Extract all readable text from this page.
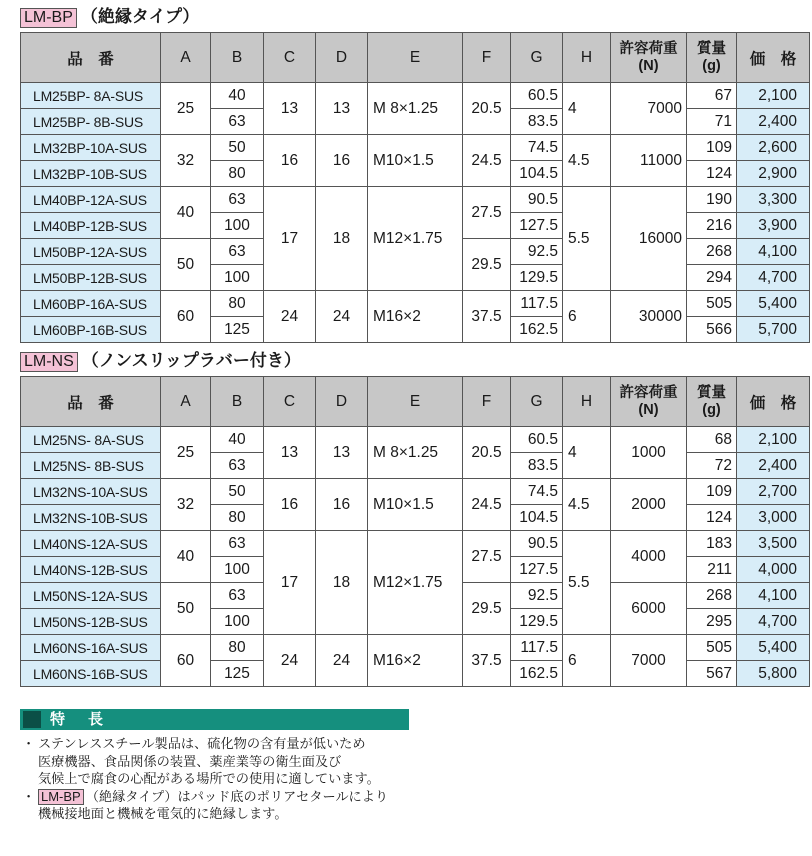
LM-BP （絶縁タイプ）
品　番	A	B	C	D	E	F	G	H	許容荷重
(N)	質量
(g)	価　格
LM25BP- 8A-SUS	25	40	13	13	M 8×1.25	20.5	60.5	4	7000	67	2,100
LM25BP- 8B-SUS		63					83.5			71	2,400
LM32BP-10A-SUS	32	50	16	16	M10×1.5	24.5	74.5	4.5	11000	109	2,600
LM32BP-10B-SUS		80					104.5			124	2,900
LM40BP-12A-SUS	40	63	17	18	M12×1.75	27.5	90.5	5.5	16000	190	3,300
LM40BP-12B-SUS		100					127.5			216	3,900
LM50BP-12A-SUS	50	63				29.5	92.5			268	4,100
LM50BP-12B-SUS		100					129.5			294	4,700
LM60BP-16A-SUS	60	80	24	24	M16×2	37.5	117.5	6	30000	505	5,400
LM60BP-16B-SUS		125					162.5			566	5,700
LM-NS （ノンスリップラバー付き）
品　番	A	B	C	D	E	F	G	H	許容荷重
(N)	質量
(g)	価　格
LM25NS- 8A-SUS	25	40	13	13	M 8×1.25	20.5	60.5	4	1000	68	2,100
LM25NS- 8B-SUS		63					83.5			72	2,400
LM32NS-10A-SUS	32	50	16	16	M10×1.5	24.5	74.5	4.5	2000	109	2,700
LM32NS-10B-SUS		80					104.5			124	3,000
LM40NS-12A-SUS	40	63	17	18	M12×1.75	27.5	90.5	5.5	4000	183	3,500
LM40NS-12B-SUS		100					127.5			211	4,000
LM50NS-12A-SUS	50	63				29.5	92.5		6000	268	4,100
LM50NS-12B-SUS		100					129.5			295	4,700
LM60NS-16A-SUS	60	80	24	24	M16×2	37.5	117.5	6	7000	505	5,400
LM60NS-16B-SUS		125					162.5			567	5,800
特　長
・ ステンレススチール製品は、硫化物の含有量が低いため
医療機器、食品関係の装置、薬産業等の衛生面及び
気候上で腐食の心配がある場所での使用に適しています。
・ LM-BP （絶縁タイプ）はパッド底のポリアセタールにより
機械接地面と機械を電気的に絶縁します。
